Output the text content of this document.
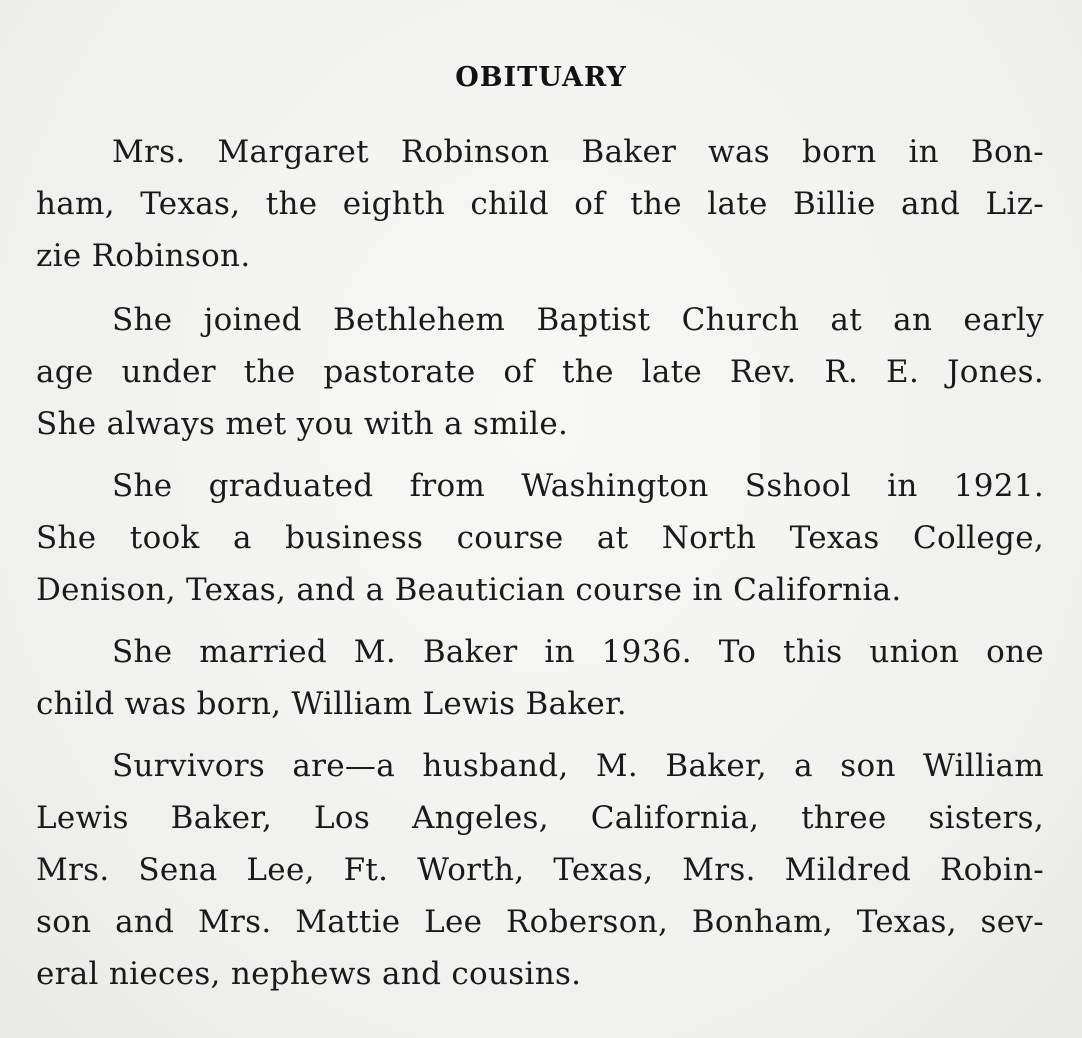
OBITUARY
Mrs. Margaret Robinson Baker was born in Bon-
ham, Texas, the eighth child of the late Billie and Liz-
zie Robinson.
She joined Bethlehem Baptist Church at an early
age under the pastorate of the late Rev. R. E. Jones.
She always met you with a smile.
She graduated from Washington Sshool in 1921.
She took a business course at North Texas College,
Denison, Texas, and a Beautician course in California.
She married M. Baker in 1936. To this union one
child was born, William Lewis Baker.
Survivors are—a husband, M. Baker, a son William
Lewis Baker, Los Angeles, California, three sisters,
Mrs. Sena Lee, Ft. Worth, Texas, Mrs. Mildred Robin-
son and Mrs. Mattie Lee Roberson, Bonham, Texas, sev-
eral nieces, nephews and cousins.
